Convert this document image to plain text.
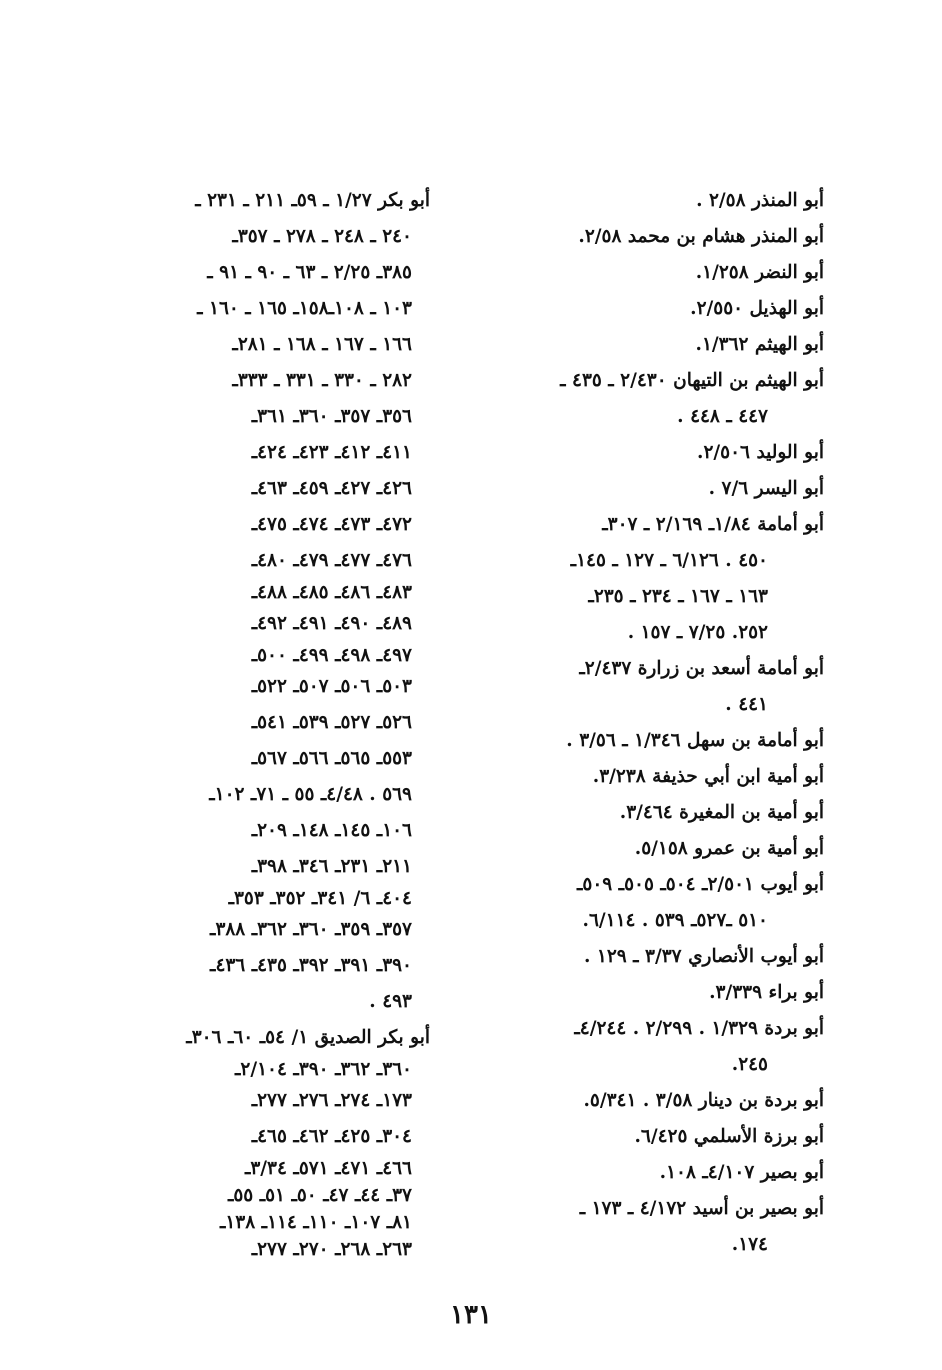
أبو المنذر ٢/٥٨ .
أبو المنذر هشام بن محمد ٢/٥٨.
أبو النضر ١/٢٥٨.
أبو الهذيل ٢/٥٥٠.
أبو الهيثم ١/٣٦٢.
أبو الهيثم بن التيهان ٢/٤٣٠ ـ ٤٣٥ ـ
٤٤٧ ـ ٤٤٨ .
أبو الوليد ٢/٥٠٦.
أبو اليسر ٧/٦ .
أبو أمامة ١/٨٤ـ ٢/١٦٩ ـ ٣٠٧ـ
٤٥٠ . ٦/١٢٦ ـ ١٢٧ ـ ١٤٥ـ
١٦٣ ـ ١٦٧ ـ ٢٣٤ ـ ٢٣٥ـ
٢٥٢. ٧/٢٥ ـ ١٥٧ .
أبو أمامة أسعد بن زرارة ٢/٤٣٧ـ
٤٤١ .
أبو أمامة بن سهل ١/٣٤٦ ـ ٣/٥٦ .
أبو أمية ابن أبي حذيفة ٣/٢٣٨.
أبو أمية بن المغيرة ٣/٤٦٤.
أبو أمية بن عمرو ٥/١٥٨.
أبو أيوب ٢/٥٠١ـ ٥٠٤ـ ٥٠٥ـ ٥٠٩ـ
٥١٠ ـ٥٢٧ـ ٥٣٩ . ٦/١١٤.
أبو أيوب الأنصاري ٣/٣٧ ـ ١٢٩ .
أبو براء ٣/٣٣٩.
أبو بردة ١/٣٢٩ . ٢/٢٩٩ . ٤/٢٤٤ـ
٢٤٥.
أبو بردة بن دينار ٣/٥٨ . ٥/٣٤١.
أبو برزة الأسلمي ٦/٤٢٥.
أبو بصير ٤/١٠٧ـ ١٠٨.
أبو بصير بن أسيد ٤/١٧٢ ـ ١٧٣ ـ
١٧٤.
أبو بكر ١/٢٧ ـ ٥٩ـ ٢١١ ـ ٢٣١ ـ
٢٤٠ ـ ٢٤٨ ـ ٢٧٨ ـ ٣٥٧ـ
٣٨٥ـ ٢/٢٥ ـ ٦٣ ـ ٩٠ ـ ٩١ ـ
١٠٣ ـ ١٠٨ـ١٥٨ـ ١٦٥ ـ ١٦٠ ـ
١٦٦ ـ ١٦٧ ـ ١٦٨ ـ ٢٨١ـ
٢٨٢ ـ ٣٣٠ ـ ٣٣١ ـ ٣٣٣ـ
٣٥٦ـ ٣٥٧ـ ٣٦٠ـ ٣٦١ـ
٤١١ـ ٤١٢ـ ٤٢٣ـ ٤٢٤ـ
٤٢٦ـ ٤٢٧ـ ٤٥٩ـ ٤٦٣ـ
٤٧٢ـ ٤٧٣ـ ٤٧٤ـ ٤٧٥ـ
٤٧٦ـ ٤٧٧ـ ٤٧٩ـ ٤٨٠ـ
٤٨٣ـ ٤٨٦ـ ٤٨٥ـ ٤٨٨ـ
٤٨٩ـ ٤٩٠ـ ٤٩١ـ ٤٩٢ـ
٤٩٧ـ ٤٩٨ـ ٤٩٩ـ ٥٠٠ـ
٥٠٣ـ ٥٠٦ـ ٥٠٧ـ ٥٢٢ـ
٥٢٦ـ ٥٢٧ـ ٥٣٩ـ ٥٤١ـ
٥٥٣ـ ٥٦٥ـ ٥٦٦ـ ٥٦٧ـ
٥٦٩ . ٤/٤٨ـ ٥٥ ـ ٧١ـ ١٠٢ـ
١٠٦ـ ١٤٥ـ ١٤٨ـ ٢٠٩ـ
٢١١ـ ٢٣١ـ ٣٤٦ـ ٣٩٨ـ
٤٠٤ـ ٦/ ٣٤١ـ ٣٥٢ـ ٣٥٣ـ
٣٥٧ـ ٣٥٩ـ ٣٦٠ـ ٣٦٢ـ ٣٨٨ـ
٣٩٠ـ ٣٩١ـ ٣٩٢ـ ٤٣٥ـ ٤٣٦ـ
٤٩٣ .
أبو بكر الصديق ١/ ٥٤ـ ٦٠ـ ٣٠٦ـ
٣٦٠ـ ٣٦٢ـ ٣٩٠ـ ٢/١٠٤ـ
١٧٣ـ ٢٧٤ـ ٢٧٦ـ ٢٧٧ـ
٣٠٤ـ ٤٢٥ـ ٤٦٢ـ ٤٦٥ـ
٤٦٦ـ ٤٧١ـ ٥٧١ـ ٣/٣٤ـ
٣٧ـ ٤٤ـ ٤٧ـ ٥٠ـ ٥١ـ ٥٥ـ
٨١ـ ١٠٧ـ ١١٠ـ ١١٤ـ ١٣٨ـ
٢٦٣ـ ٢٦٨ـ ٢٧٠ـ ٢٧٧ـ
١٣١
